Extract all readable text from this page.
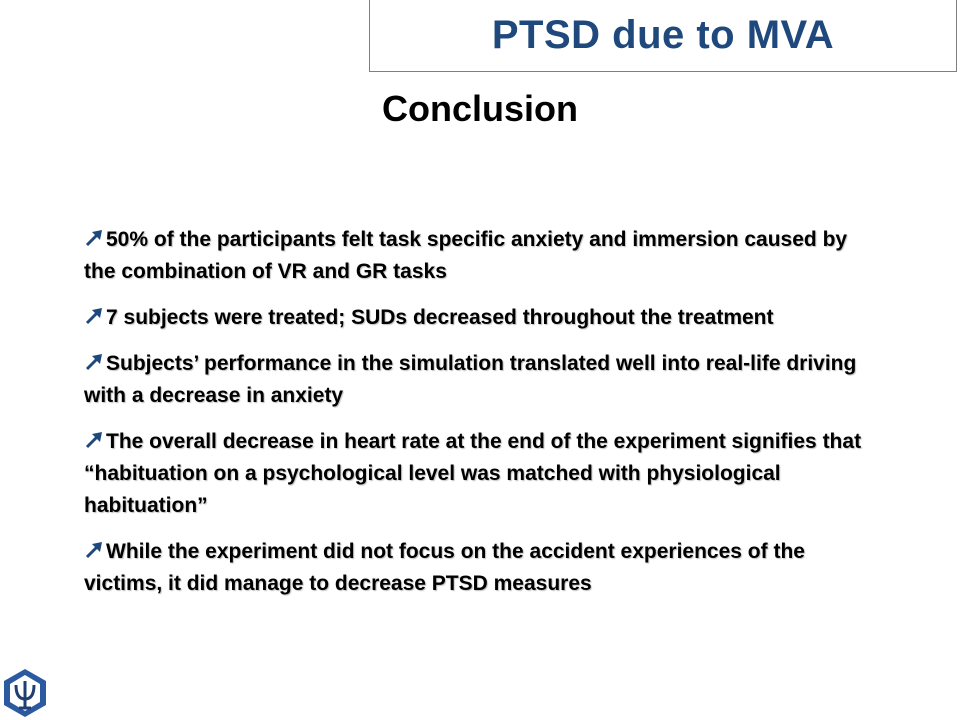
PTSD due to MVA
Conclusion
50% of the participants felt task specific anxiety and immersion caused by the combination of VR and GR tasks
7 subjects were treated; SUDs decreased throughout the treatment
Subjects’ performance in the simulation translated well into real-life driving with a decrease in anxiety
The overall decrease in heart rate at the end of the experiment signifies that “habituation on a psychological level was matched with physiological habituation”
While the experiment did not focus on the accident experiences of the victims, it did manage to decrease PTSD measures
